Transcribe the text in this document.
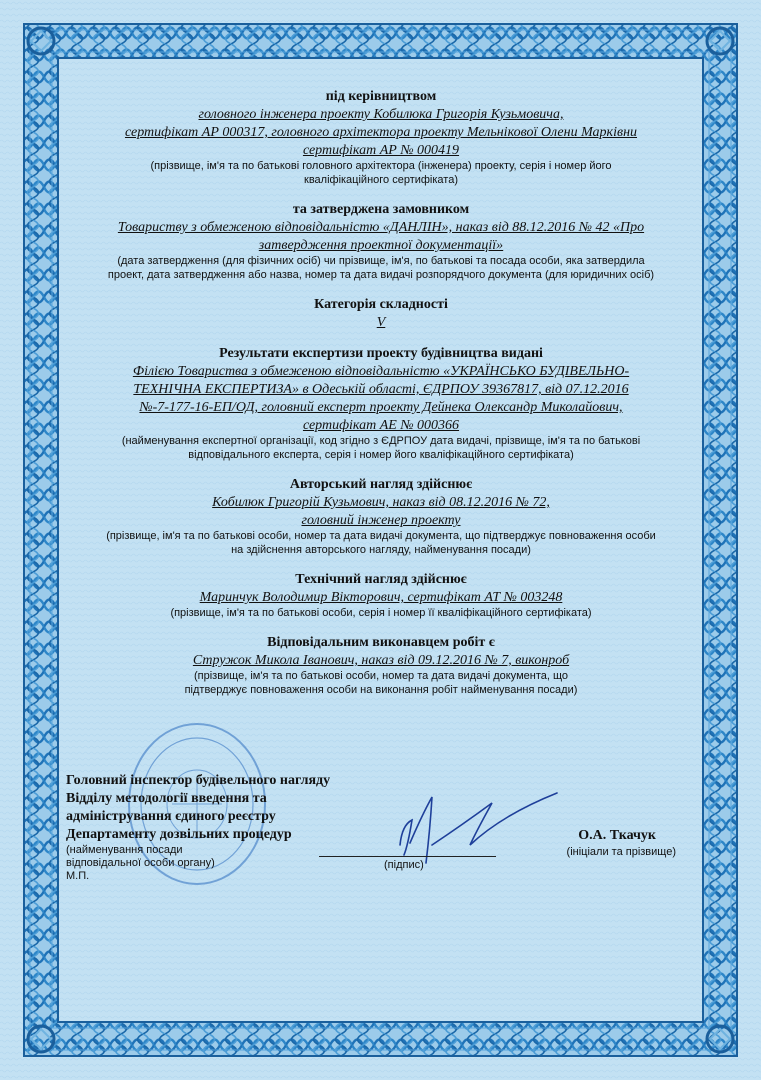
під керівництвом
головного інженера проекту Кобилюка Григорія Кузьмовича,
сертифікат АР 000317, головного архітектора проекту Мельнікової Олени Марківни
сертифікат АР № 000419
(прізвище, ім'я та по батькові головного архітектора (інженера) проекту, серія і номер його
кваліфікаційного сертифіката)
та затверджена замовником
Товариству з обмеженою відповідальністю «ДАНЛІН», наказ від 88.12.2016 № 42 «Про
затвердження проектної документації»
(дата затвердження (для фізичних осіб) чи прізвище, ім'я, по батькові та посада особи, яка затвердила
проект, дата затвердження або назва, номер та дата видачі розпорядчого документа (для юридичних осіб)
Категорія складності
V
Результати експертизи проекту будівництва видані
Філією Товариства з обмеженою відповідальністю «УКРАЇНСЬКО БУДІВЕЛЬНО-
ТЕХНІЧНА ЕКСПЕРТИЗА» в Одеській області, ЄДРПОУ 39367817, від 07.12.2016
№-7-177-16-ЕП/ОД, головний експерт проекту Дейнека Олександр Миколайович,
сертифікат АЕ № 000366
(найменування експертної організації, код згідно з ЄДРПОУ дата видачі, прізвище, ім'я та по батькові
відповідального експерта, серія і номер його кваліфікаційного сертифіката)
Авторський нагляд здійснює
Кобилюк Григорій Кузьмович, наказ від 08.12.2016 № 72,
головний інженер проекту
(прізвище, ім'я та по батькові особи, номер та дата видачі документа, що підтверджує повноваження особи
на здійснення авторського нагляду, найменування посади)
Технічний нагляд здійснює
Маринчук Володимир Вікторович, сертифікат АТ № 003248
(прізвище, ім'я та по батькові особи, серія і номер її кваліфікаційного сертифіката)
Відповідальним виконавцем робіт є
Стружок Микола Іванович, наказ від 09.12.2016 № 7, виконроб
(прізвище, ім'я та по батькові особи, номер та дата видачі документа, що
підтверджує повноваження особи на виконання робіт найменування посади)
Головний інспектор будівельного нагляду
Відділу методології введення та
адміністрування єдиного реєстру
Департаменту дозвільних процедур
(найменування посади
відповідальної особи органу)
М.П.
(підпис)
О.А. Ткачук
(ініціали та прізвище)
